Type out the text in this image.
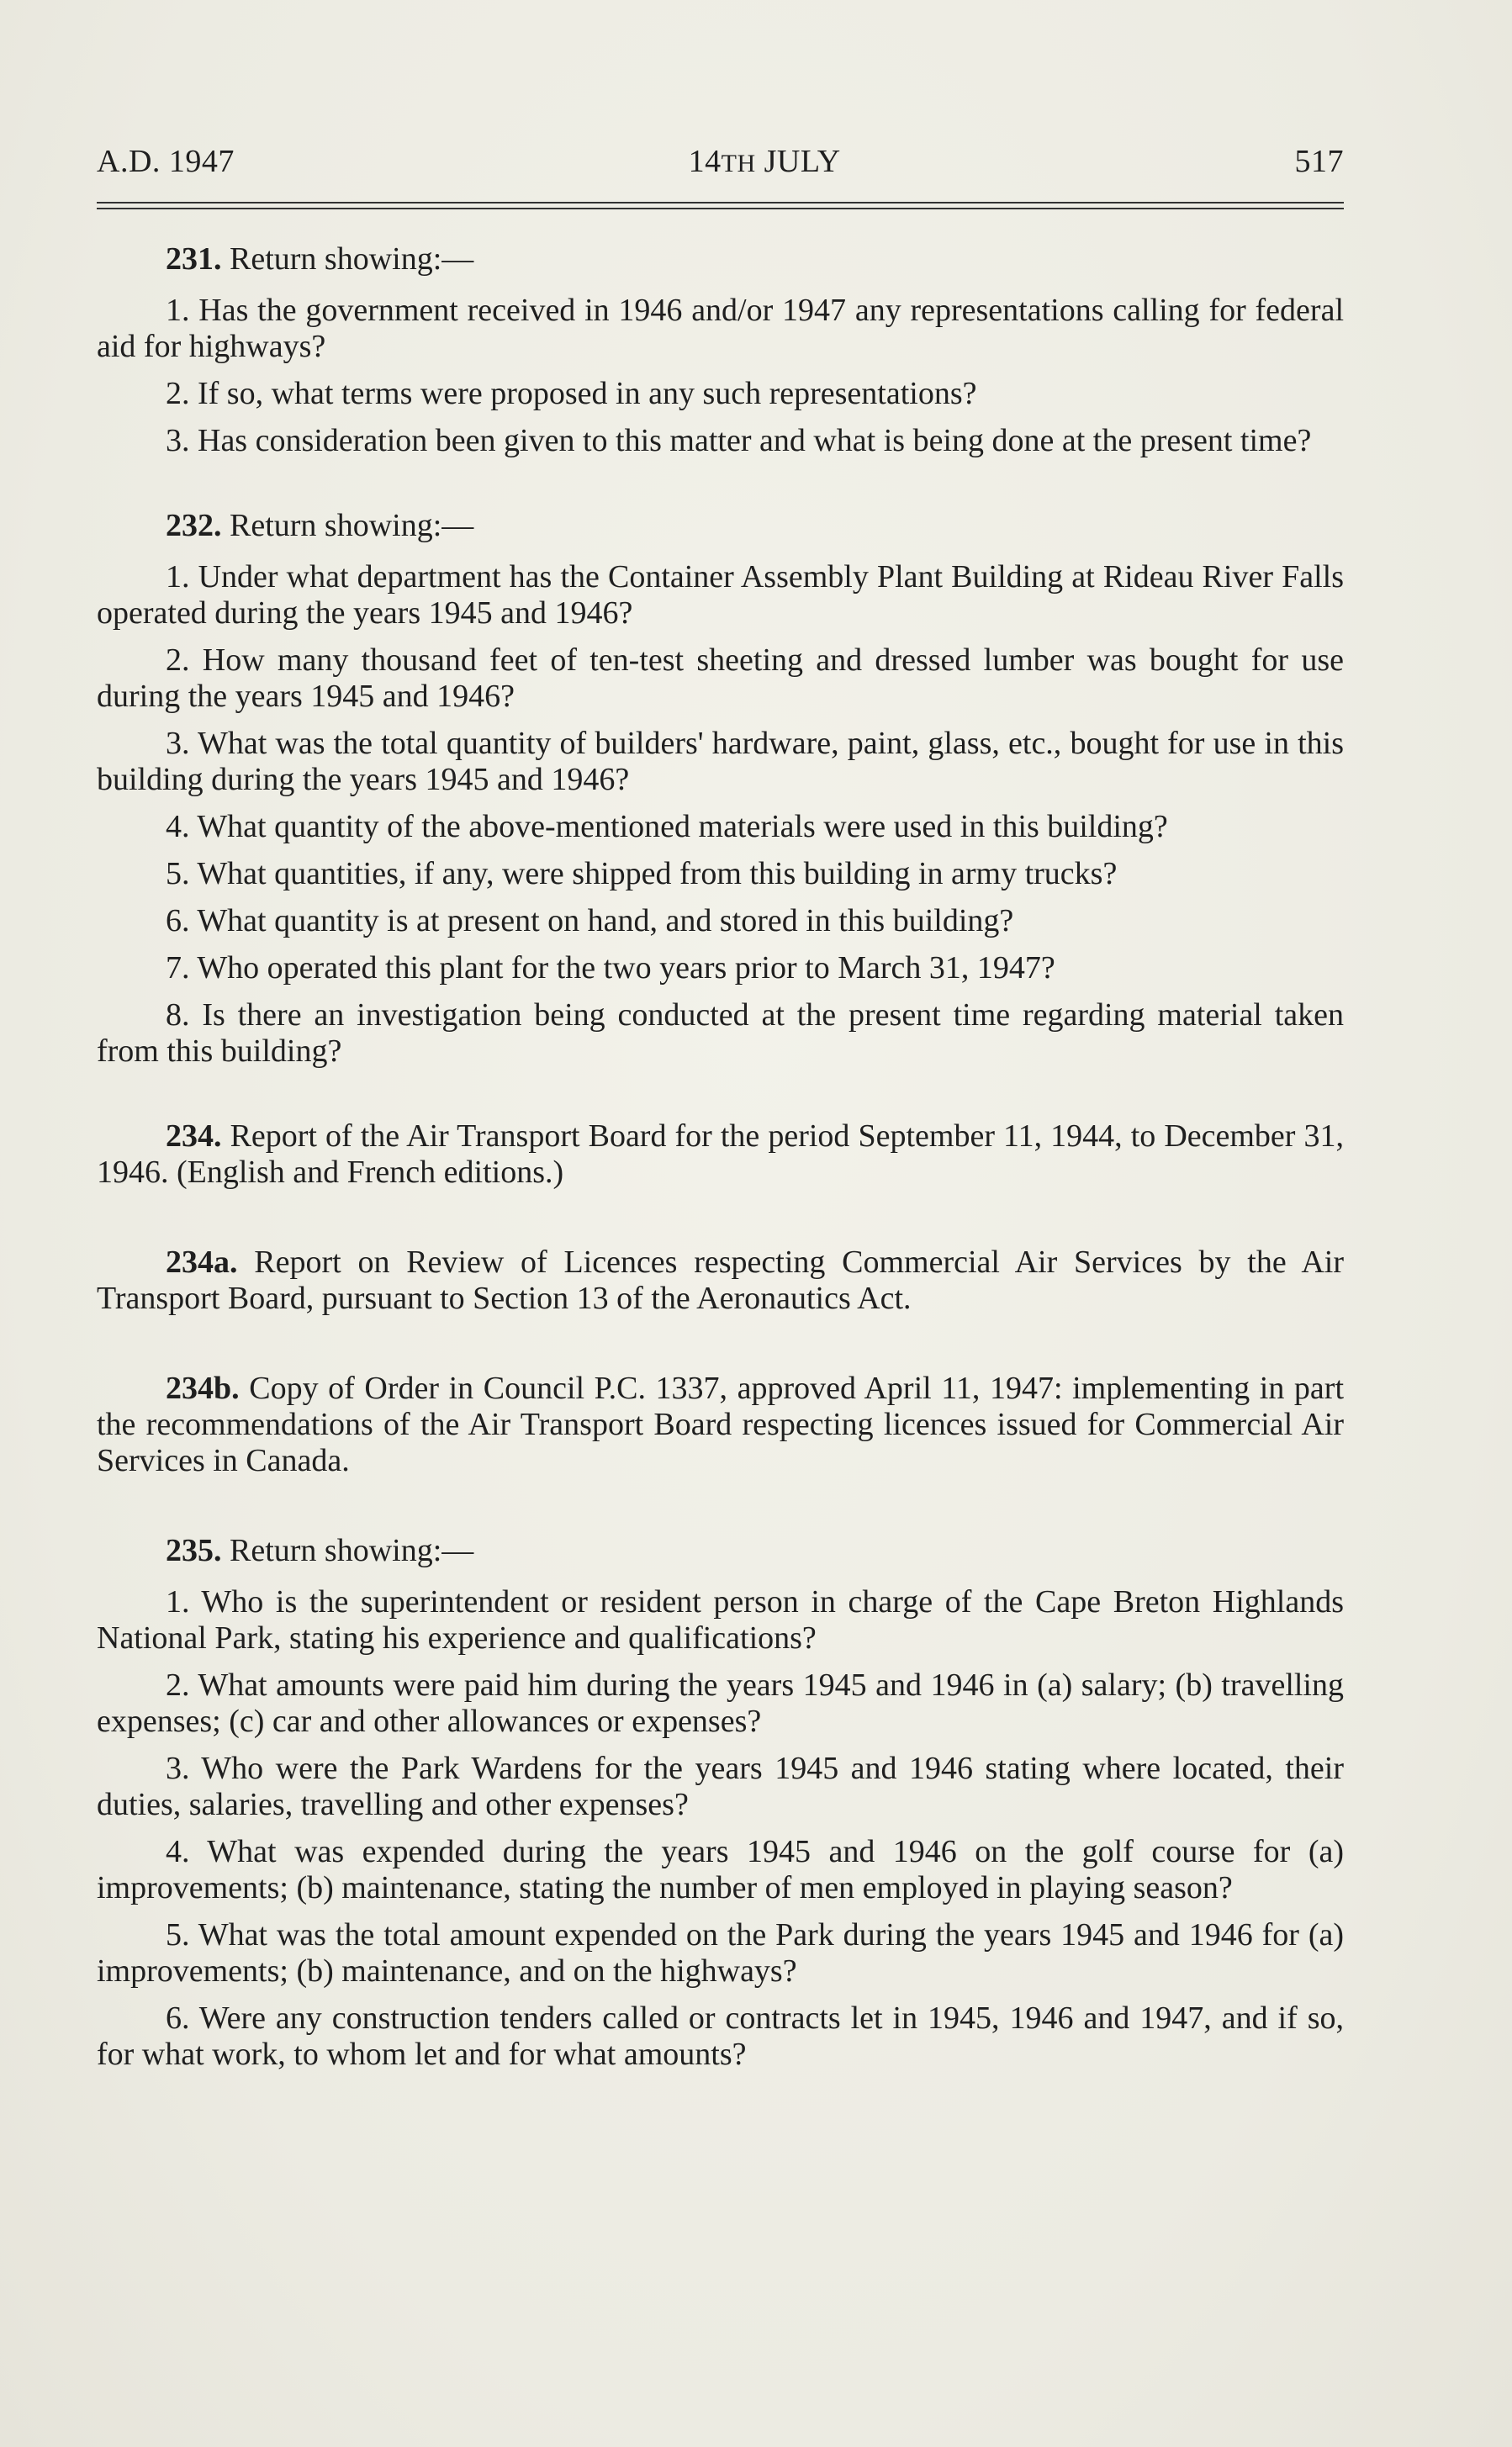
A.D. 1947	14TH JULY	517

231. Return showing:—

1. Has the government received in 1946 and/or 1947 any representations calling for federal aid for highways?

2. If so, what terms were proposed in any such representations?

3. Has consideration been given to this matter and what is being done at the present time?

232. Return showing:—

1. Under what department has the Container Assembly Plant Building at Rideau River Falls operated during the years 1945 and 1946?

2. How many thousand feet of ten-test sheeting and dressed lumber was bought for use during the years 1945 and 1946?

3. What was the total quantity of builders' hardware, paint, glass, etc., bought for use in this building during the years 1945 and 1946?

4. What quantity of the above-mentioned materials were used in this building?

5. What quantities, if any, were shipped from this building in army trucks?

6. What quantity is at present on hand, and stored in this building?

7. Who operated this plant for the two years prior to March 31, 1947?

8. Is there an investigation being conducted at the present time regarding material taken from this building?

234. Report of the Air Transport Board for the period September 11, 1944, to December 31, 1946. (English and French editions.)

234a. Report on Review of Licences respecting Commercial Air Services by the Air Transport Board, pursuant to Section 13 of the Aeronautics Act.

234b. Copy of Order in Council P.C. 1337, approved April 11, 1947: implementing in part the recommendations of the Air Transport Board respecting licences issued for Commercial Air Services in Canada.

235. Return showing:—

1. Who is the superintendent or resident person in charge of the Cape Breton Highlands National Park, stating his experience and qualifications?

2. What amounts were paid him during the years 1945 and 1946 in (a) salary; (b) travelling expenses; (c) car and other allowances or expenses?

3. Who were the Park Wardens for the years 1945 and 1946 stating where located, their duties, salaries, travelling and other expenses?

4. What was expended during the years 1945 and 1946 on the golf course for (a) improvements; (b) maintenance, stating the number of men employed in playing season?

5. What was the total amount expended on the Park during the years 1945 and 1946 for (a) improvements; (b) maintenance, and on the highways?

6. Were any construction tenders called or contracts let in 1945, 1946 and 1947, and if so, for what work, to whom let and for what amounts?
